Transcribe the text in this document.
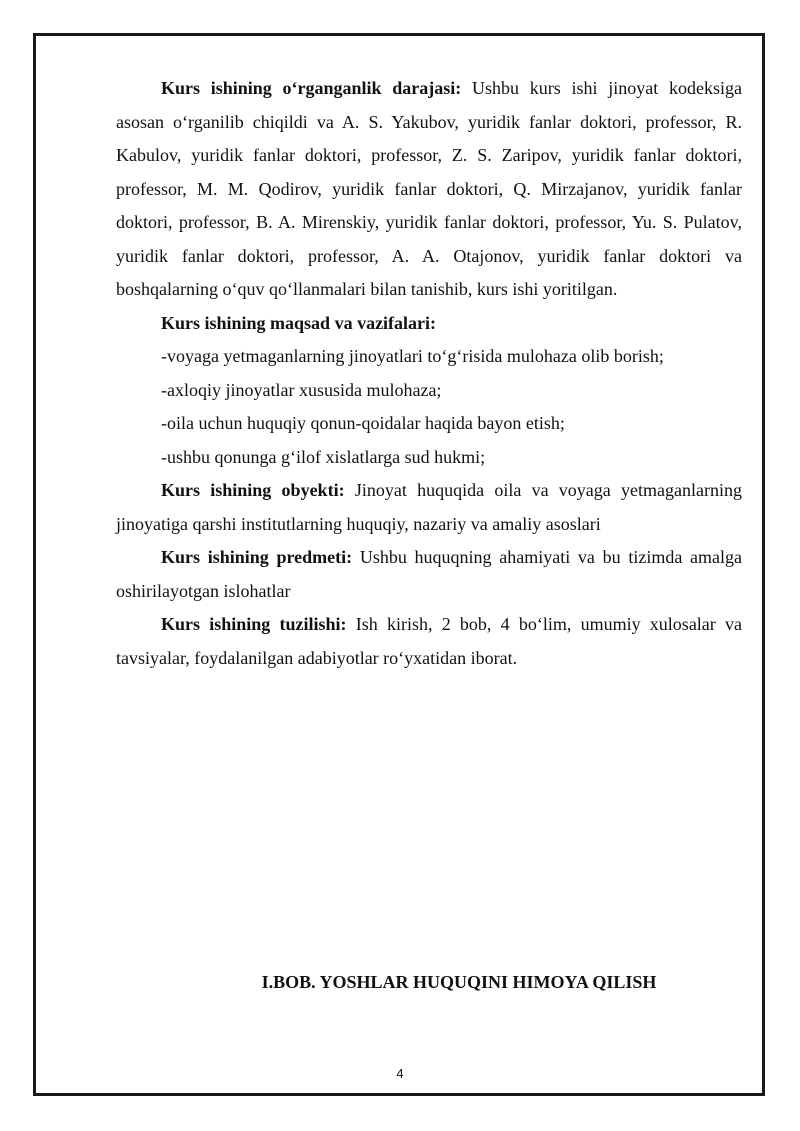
Kurs ishining o‘rganganlik darajasi: Ushbu kurs ishi jinoyat kodeksiga asosan o‘rganilib chiqildi va A. S. Yakubov, yuridik fanlar doktori, professor, R. Kabulov, yuridik fanlar doktori, professor, Z. S. Zaripov, yuridik fanlar doktori, professor, M. M. Qodirov, yuridik fanlar doktori, Q. Mirzajanov, yuridik fanlar doktori, professor, B. A. Mirenskiy, yuridik fanlar doktori, professor, Yu. S. Pulatov, yuridik fanlar doktori, professor, A. A. Otajonov, yuridik fanlar doktori va boshqalarning o‘quv qo‘llanmalari bilan tanishib, kurs ishi yoritilgan.

Kurs ishining maqsad va vazifalari:

-voyaga yetmaganlarning jinoyatlari to‘g‘risida mulohaza olib borish;

-axloqiy jinoyatlar xususida mulohaza;

-oila uchun huquqiy qonun-qoidalar haqida bayon etish;

-ushbu qonunga g‘ilof xislatlarga sud hukmi;

Kurs ishining obyekti: Jinoyat huquqida oila va voyaga yetmaganlarning jinoyatiga qarshi institutlarning huquqiy, nazariy va amaliy asoslari

Kurs ishining predmeti: Ushbu huquqning ahamiyati va bu tizimda amalga oshirilayotgan islohatlar

Kurs ishining tuzilishi: Ish kirish, 2 bob, 4 bo‘lim, umumiy xulosalar va tavsiyalar, foydalanilgan adabiyotlar ro‘yxatidan iborat.

I.BOB. YOSHLAR HUQUQINI HIMOYA QILISH
4
